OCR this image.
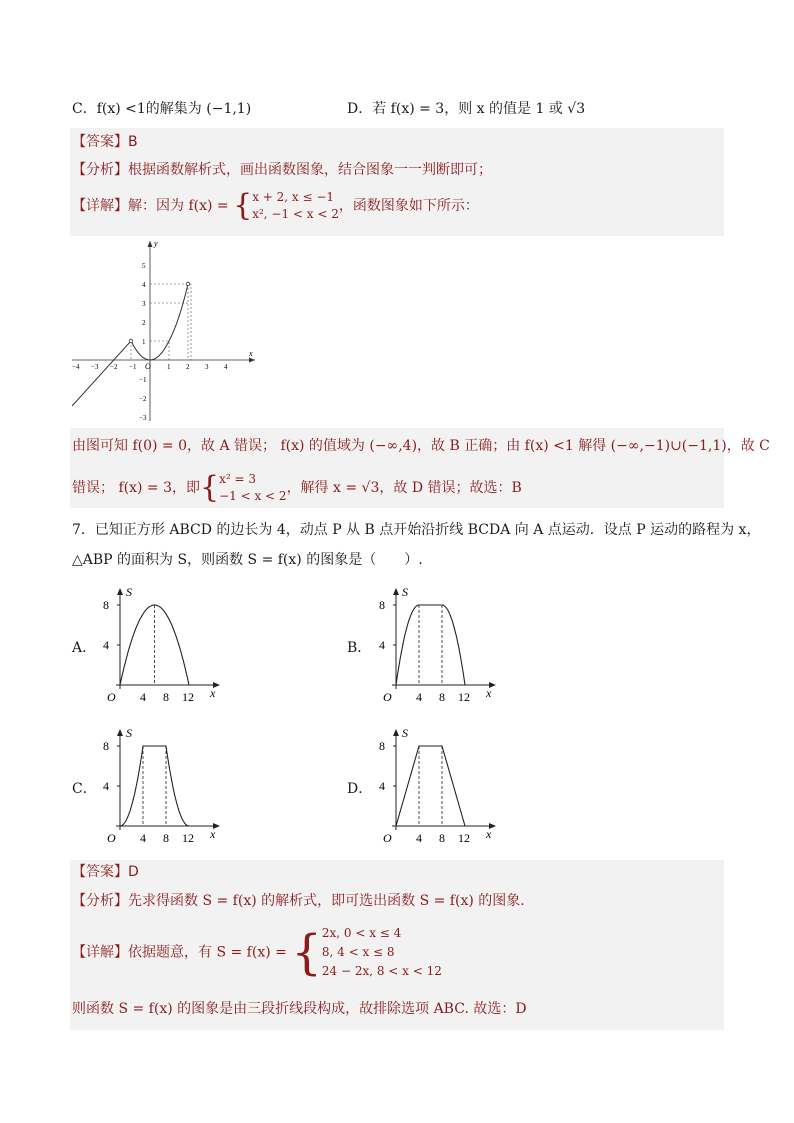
C．f(x) <1的解集为 (−1,1)	D．若 f(x) = 3，则 x 的值是 1 或 √3
【答案】B
【分析】根据函数解析式，画出函数图象，结合图象一一判断即可；
【详解】解：因为 f(x) = { x + 2, x ≤ −1
x², −1 < x < 2 ，函数图象如下所示：
x
y
O
−4 −3 −2 −1	1 2 3 4
5
4
3
2
1
−1
−2
−3
由图可知 f(0) = 0，故 A 错误； f(x) 的值域为 (−∞,4)，故 B 正确；由 f(x) <1 解得 (−∞,−1)∪(−1,1)，故 C
错误； f(x) = 3，即{ x² = 3
−1 < x < 2 ，解得 x = √3，故 D 错误；故选：B
7．已知正方形 ABCD 的边长为 4，动点 P 从 B 点开始沿折线 BCDA 向 A 点运动．设点 P 运动的路程为 x，
△ABP 的面积为 S，则函数 S = f(x) 的图象是（　　）.
A．	B．
C．	D．
S
x
O
8
4
4 8 12
S
x
O
8
4
4 8 12
S
x
O
8
4
4 8 12
S
x
O
8
4
4 8 12
【答案】D
【分析】先求得函数 S = f(x) 的解析式，即可选出函数 S = f(x) 的图象.
【详解】依据题意，有 S = f(x) = { 2x, 0 < x ≤ 4
8, 4 < x ≤ 8
24 − 2x, 8 < x < 12
则函数 S = f(x) 的图象是由三段折线段构成，故排除选项 ABC. 故选：D
